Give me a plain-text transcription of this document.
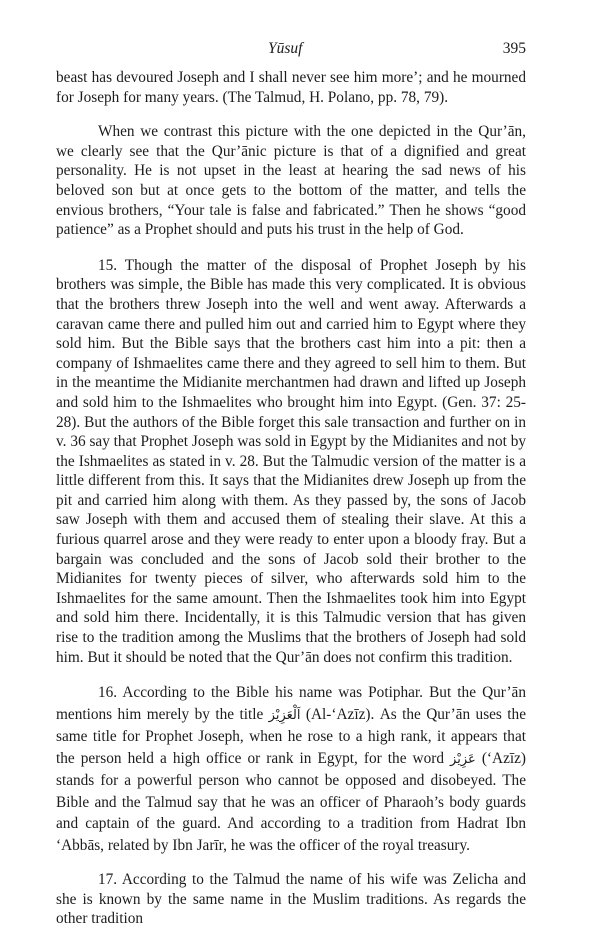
Yūsuf	395

beast has devoured Joseph and I shall never see him more’; and he mourned for Joseph for many years. (The Talmud, H. Polano, pp. 78, 79).

When we contrast this picture with the one depicted in the Qur’ān, we clearly see that the Qur’ānic picture is that of a dignified and great personality. He is not upset in the least at hearing the sad news of his beloved son but at once gets to the bottom of the matter, and tells the envious brothers, “Your tale is false and fabricated.” Then he shows “good patience” as a Prophet should and puts his trust in the help of God.

15. Though the matter of the disposal of Prophet Joseph by his brothers was simple, the Bible has made this very complicated. It is obvious that the brothers threw Joseph into the well and went away. Afterwards a caravan came there and pulled him out and carried him to Egypt where they sold him. But the Bible says that the brothers cast him into a pit: then a company of Ishmaelites came there and they agreed to sell him to them. But in the meantime the Midianite merchantmen had drawn and lifted up Joseph and sold him to the Ishmaelites who brought him into Egypt. (Gen. 37: 25-28). But the authors of the Bible forget this sale transaction and further on in v. 36 say that Prophet Joseph was sold in Egypt by the Midianites and not by the Ishmaelites as stated in v. 28. But the Talmudic version of the matter is a little different from this. It says that the Midianites drew Joseph up from the pit and carried him along with them. As they passed by, the sons of Jacob saw Joseph with them and accused them of stealing their slave. At this a furious quarrel arose and they were ready to enter upon a bloody fray. But a bargain was concluded and the sons of Jacob sold their brother to the Midianites for twenty pieces of silver, who afterwards sold him to the Ishmaelites for the same amount. Then the Ishmaelites took him into Egypt and sold him there. Incidentally, it is this Talmudic version that has given rise to the tradition among the Muslims that the brothers of Joseph had sold him. But it should be noted that the Qur’ān does not confirm this tradition.

16. According to the Bible his name was Potiphar. But the Qur’ān mentions him merely by the title اَلْعَزِيْز (Al-‘Azīz). As the Qur’ān uses the same title for Prophet Joseph, when he rose to a high rank, it appears that the person held a high office or rank in Egypt, for the word عَزِيْز (‘Azīz) stands for a powerful person who cannot be opposed and disobeyed. The Bible and the Talmud say that he was an officer of Pharaoh’s body guards and captain of the guard. And according to a tradition from Hadrat Ibn ‘Abbās, related by Ibn Jarīr, he was the officer of the royal treasury.

17. According to the Talmud the name of his wife was Zelicha and she is known by the same name in the Muslim traditions. As regards the other tradition
